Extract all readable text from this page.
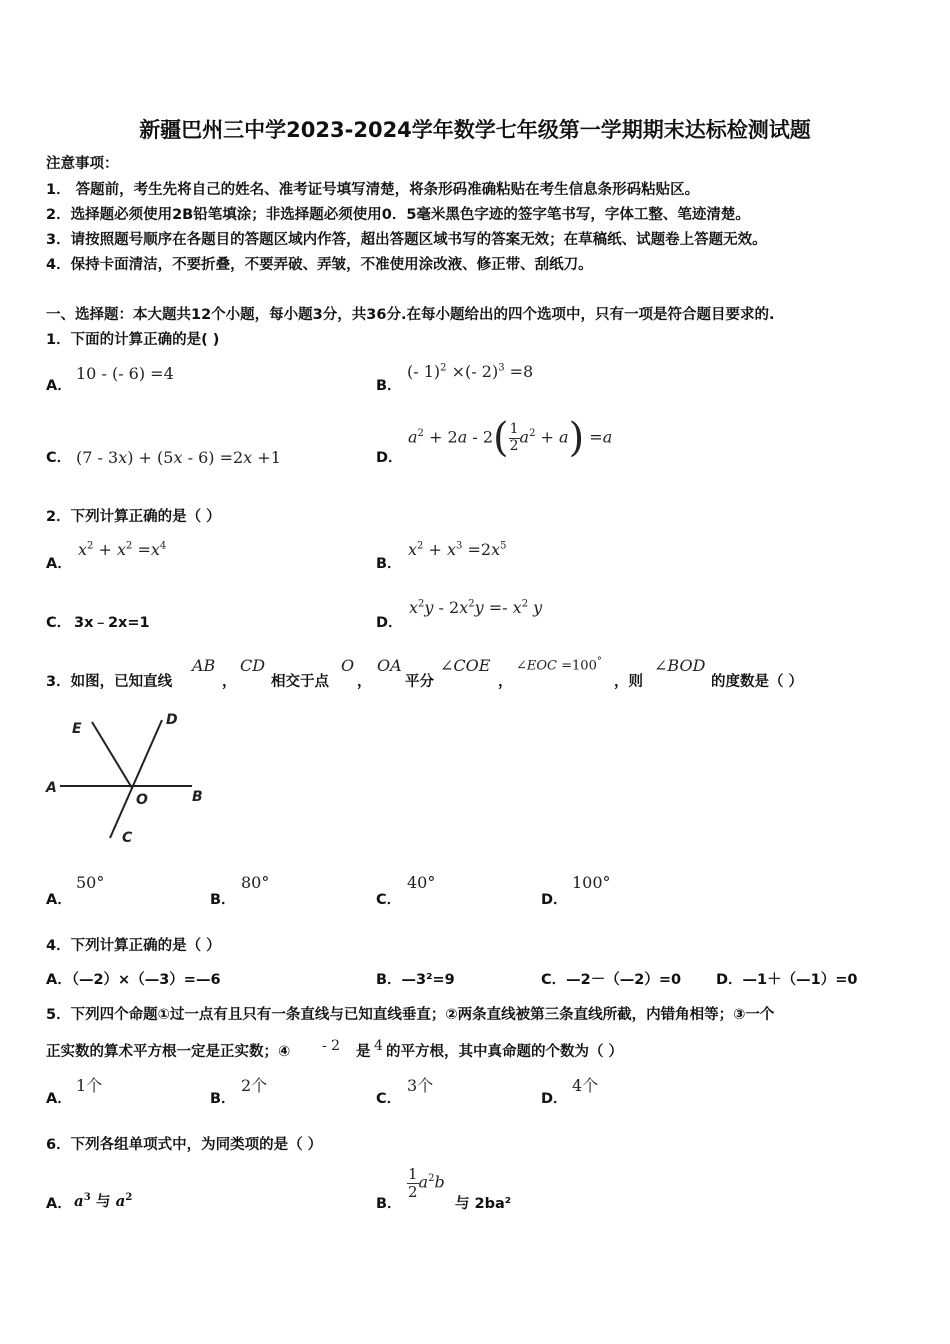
新疆巴州三中学2023-2024学年数学七年级第一学期期末达标检测试题
注意事项：
1． 答题前，考生先将自己的姓名、准考证号填写清楚，将条形码准确粘贴在考生信息条形码粘贴区。
2．选择题必须使用2B铅笔填涂；非选择题必须使用0．5毫米黑色字迹的签字笔书写，字体工整、笔迹清楚。
3．请按照题号顺序在各题目的答题区域内作答，超出答题区域书写的答案无效；在草稿纸、试题卷上答题无效。
4．保持卡面清洁，不要折叠，不要弄破、弄皱，不准使用涂改液、修正带、刮纸刀。
一、选择题：本大题共12个小题，每小题3分，共36分.在每小题给出的四个选项中，只有一项是符合题目要求的.
1．下面的计算正确的是( )
A．
10 - (- 6) =4
B．
(- 1)$^2$ ×(- 2)$^3$ =8
C． (7 - 3x) + (5x - 6) =2x +1	D．
$a^2 + 2a - 2( \frac{1}{2} a^2 + a) =a$
2．下列计算正确的是（ ）
A．
$x^2 + x^2 =x^4$
B．
$x^2 + x^3 =2x^5$
C． 3x﹣2x=1	D．
$x^2y - 2x^2y =- x^2$ y
3．如图，已知直线
AB
，
CD
相交于点
O
，
OA
平分
∠COE
，
∠EOC =100°
，则
∠BOD
的度数是（ ）
E
D
A
O	B
C
A．
50°
B．
80°
C．
40°
D．
100°
4．下列计算正确的是（ ）
A．（—2）×（—3）=—6	B．—3²=9	C．—2－（—2）=0 D．—1＋（—1）=0
5．下列四个命题①过一点有且只有一条直线与已知直线垂直；②两条直线被第三条直线所截，内错角相等；③一个
正实数的算术平方根一定是正实数；④ - 2 是 4 的平方根，其中真命题的个数为（ ）
A．
1个
B．
2个
C．
3个
D．
4个
6．下列各组单项式中，为同类项的是（ ）
A． $a^3$ 与 $a^2$	B．
$\frac{1}{2} a^2b$
与 2ba²
